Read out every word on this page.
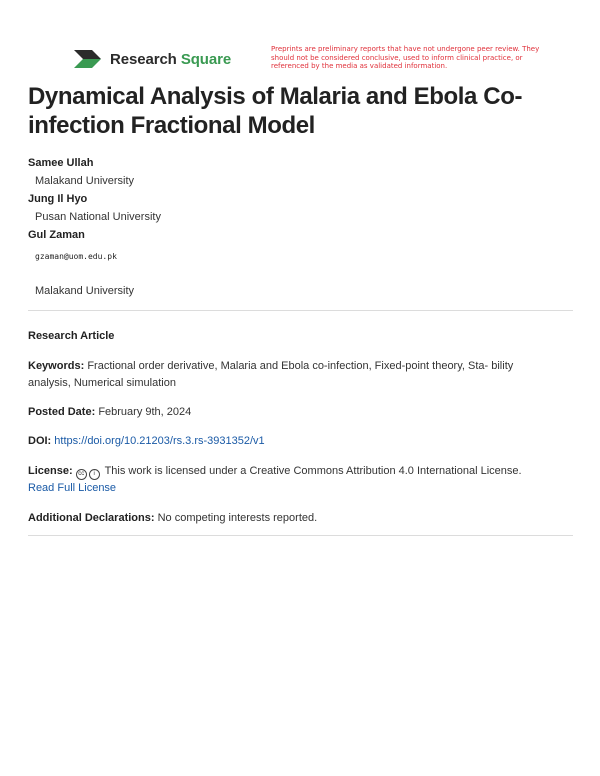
Research Square
Preprints are preliminary reports that have not undergone peer review. They should not be considered conclusive, used to inform clinical practice, or referenced by the media as validated information.
Dynamical Analysis of Malaria and Ebola Co-infection Fractional Model
Samee Ullah
Malakand University
Jung Il Hyo
Pusan National University
Gul Zaman
gzaman@uom.edu.pk
Malakand University
Research Article
Keywords: Fractional order derivative, Malaria and Ebola co-infection, Fixed-point theory, Sta- bility analysis, Numerical simulation
Posted Date: February 9th, 2024
DOI: https://doi.org/10.21203/rs.3.rs-3931352/v1
License: cc i This work is licensed under a Creative Commons Attribution 4.0 International License.
Read Full License
Additional Declarations: No competing interests reported.
